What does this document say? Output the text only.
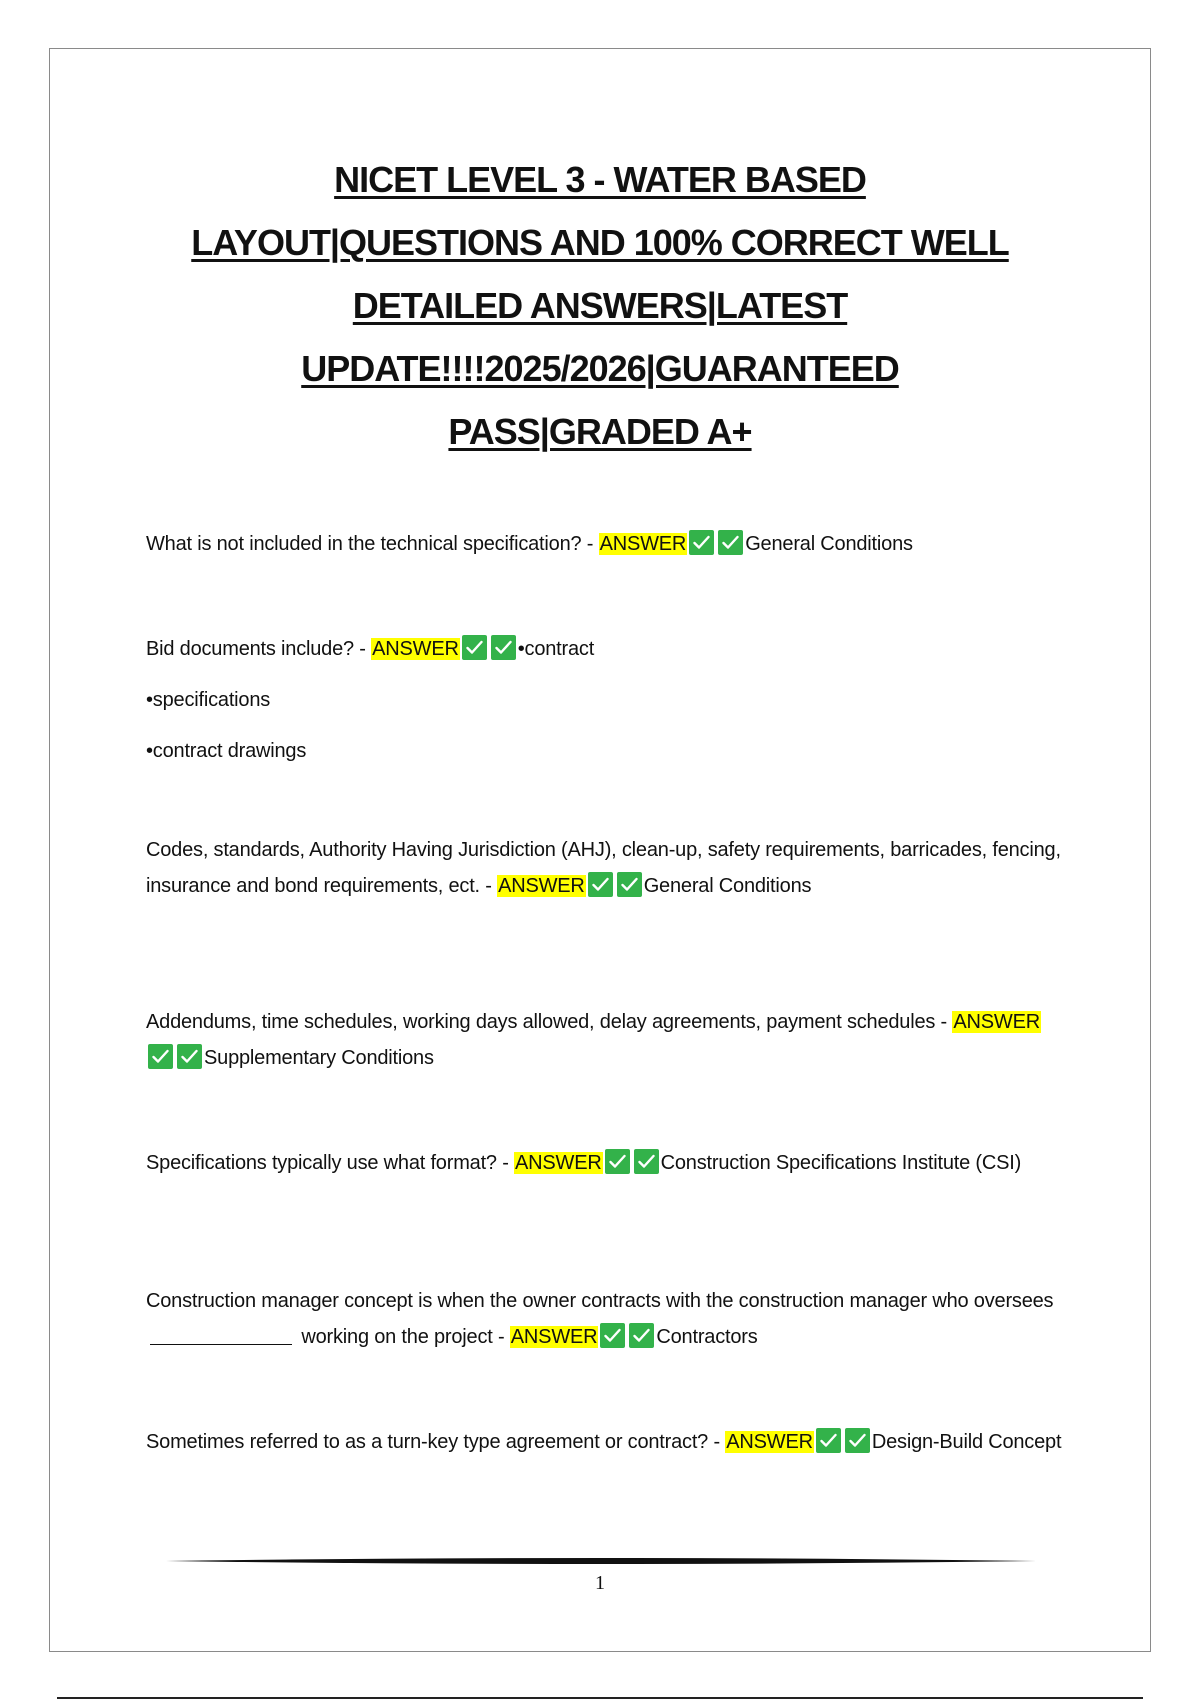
NICET LEVEL 3 - WATER BASED
LAYOUT|QUESTIONS AND 100% CORRECT WELL
DETAILED ANSWERS|LATEST
UPDATE!!!!2025/2026|GUARANTEED
PASS|GRADED A+

What is not included in the technical specification? - ANSWER	General Conditions

Bid documents include? - ANSWER	•contract

•specifications

•contract drawings

Codes, standards, Authority Having Jurisdiction (AHJ), clean-up, safety requirements, barricades, fencing, insurance and bond requirements, ect. - ANSWER	General Conditions

Addendums, time schedules, working days allowed, delay agreements, payment schedules - ANSWER
Supplementary Conditions

Specifications typically use what format? - ANSWER	Construction Specifications Institute (CSI)

Construction manager concept is when the owner contracts with the construction manager who oversees  working on the project - ANSWER	Contractors

Sometimes referred to as a turn-key type agreement or contract? - ANSWER	Design-Build Concept

1
